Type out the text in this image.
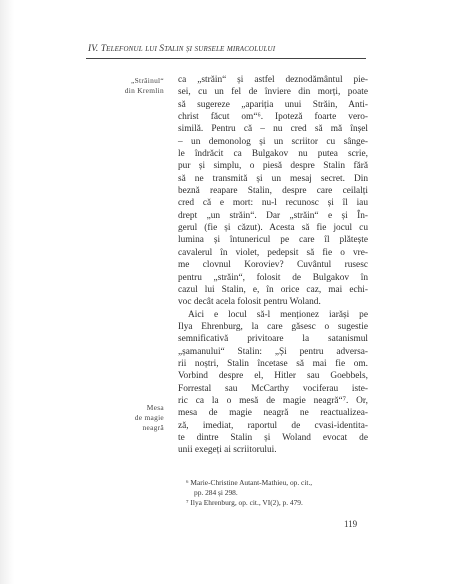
IV. Telefonul lui Stalin și sursele miracolului
„Străinul“
din Kremlin
Mesa
de magie
neagră
ca „străin“ și astfel deznodământul pie-
sei, cu un fel de înviere din morți, poate
să sugereze „apariția unui Străin, Anti-
christ făcut om“⁶. Ipoteză foarte vero-
similă. Pentru că – nu cred să mă înșel
– un demonolog și un scriitor cu sânge-
le îndrăcit ca Bulgakov nu putea scrie,
pur și simplu, o piesă despre Stalin fără
să ne transmită și un mesaj secret. Din
beznă reapare Stalin, despre care ceilalți
cred că e mort: nu-l recunosc și îl iau
drept „un străin“. Dar „străin“ e și În-
gerul (fie și căzut). Acesta să fie jocul cu
lumina și întunericul pe care îl plătește
cavalerul în violet, pedepsit să fie o vre-
me clovnul Koroviev? Cuvântul rusesc
pentru „străin“, folosit de Bulgakov în
cazul lui Stalin, e, în orice caz, mai echi-
voc decât acela folosit pentru Woland.
Aici e locul să-l menționez iarăși pe
Ilya Ehrenburg, la care găsesc o sugestie
semnificativă privitoare la satanismul
„șamanului“ Stalin: „Și pentru adversa-
rii noștri, Stalin încetase să mai fie om.
Vorbind despre el, Hitler sau Goebbels,
Forrestal sau McCarthy vociferau iste-
ric ca la o mesă de magie neagră“⁷. Or,
mesa de magie neagră ne reactualizea-
ză, imediat, raportul de cvasi-identita-
te dintre Stalin și Woland evocat de
unii exegeți ai scriitorului.
⁶ Marie-Christine Autant-Mathieu, op. cit.,
pp. 284 și 298.
⁷ Ilya Ehrenburg, op. cit., VI(2), p. 479.
119
